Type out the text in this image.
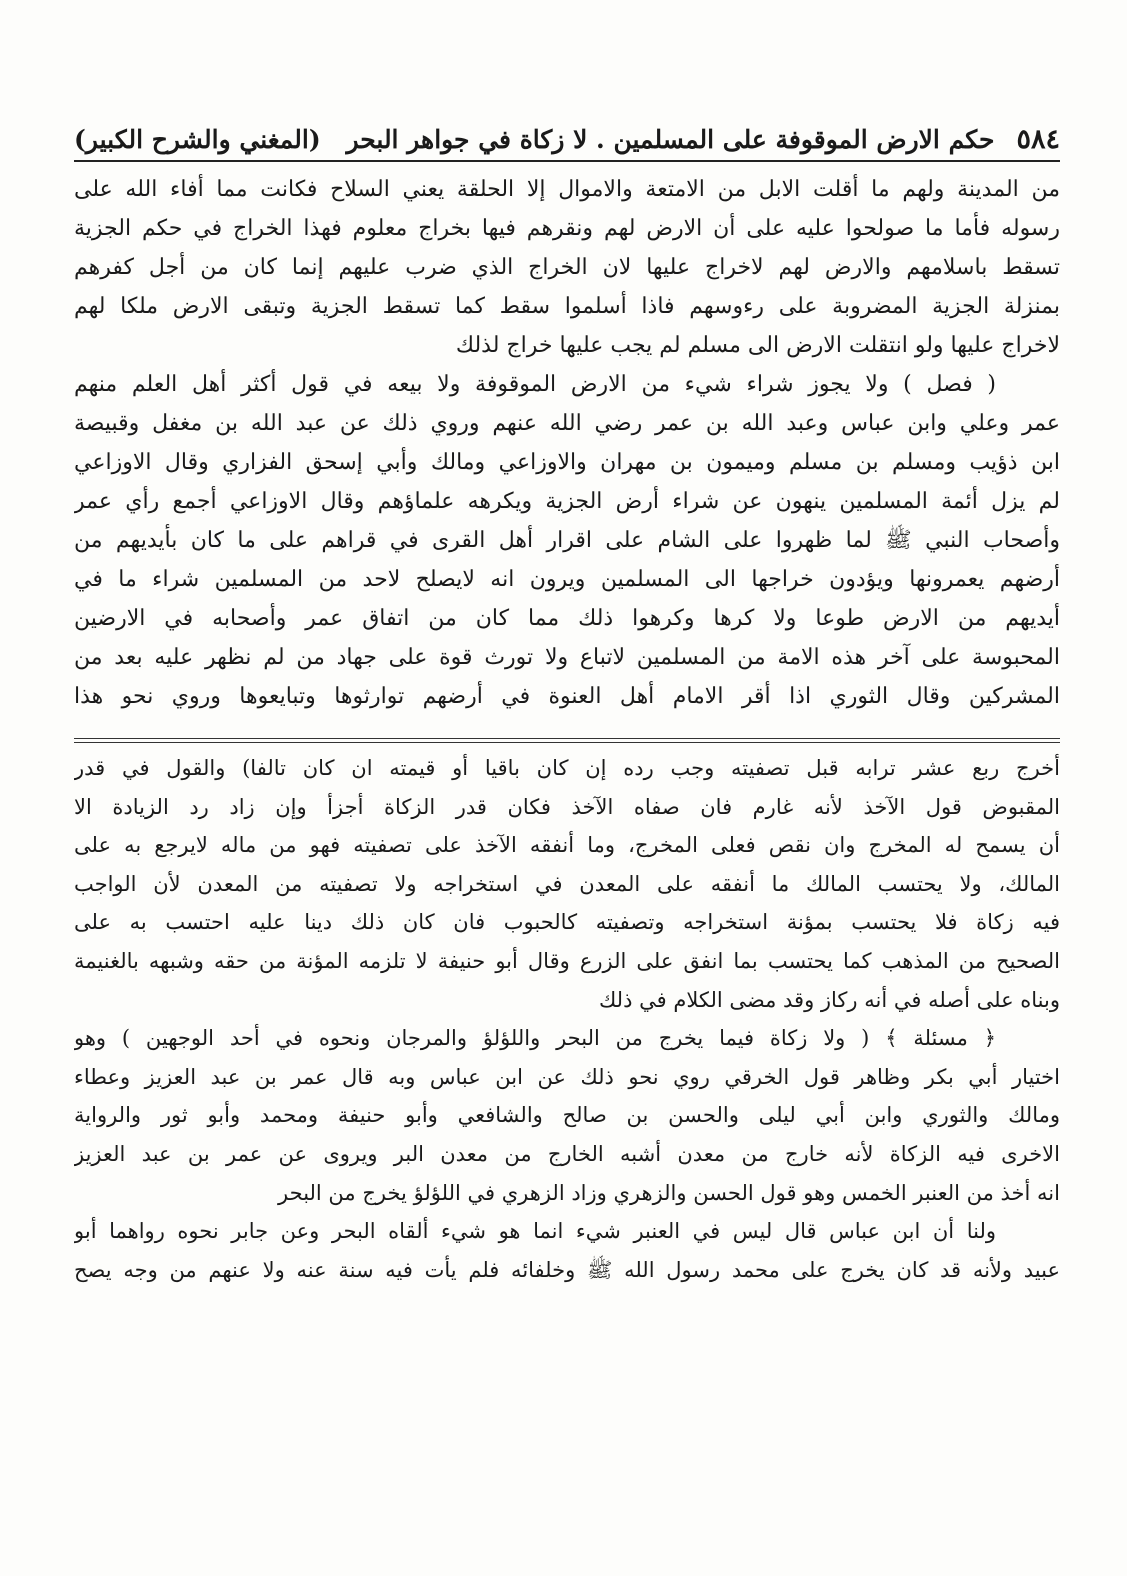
٥٨٤
حكم الارض الموقوفة على المسلمين . لا زكاة في جواهر البحر
(المغني والشرح الكبير)
من المدينة ولهم ما أقلت الابل من الامتعة والاموال إلا الحلقة يعني السلاح فكانت مما أفاء الله على
رسوله فأما ما صولحوا عليه على أن الارض لهم ونقرهم فيها بخراج معلوم فهذا الخراج في حكم الجزية
تسقط باسلامهم والارض لهم لاخراج عليها لان الخراج الذي ضرب عليهم إنما كان من أجل كفرهم
بمنزلة الجزية المضروبة على رءوسهم فاذا أسلموا سقط كما تسقط الجزية وتبقى الارض ملكا لهم
لاخراج عليها ولو انتقلت الارض الى مسلم لم يجب عليها خراج لذلك
( فصل ) ولا يجوز شراء شيء من الارض الموقوفة ولا بيعه في قول أكثر أهل العلم منهم
عمر وعلي وابن عباس وعبد الله بن عمر رضي الله عنهم وروي ذلك عن عبد الله بن مغفل وقبيصة
ابن ذؤيب ومسلم بن مسلم وميمون بن مهران والاوزاعي ومالك وأبي إسحق الفزاري وقال الاوزاعي
لم يزل أئمة المسلمين ينهون عن شراء أرض الجزية ويكرهه علماؤهم وقال الاوزاعي أجمع رأي عمر
وأصحاب النبي ﷺ لما ظهروا على الشام على اقرار أهل القرى في قراهم على ما كان بأيديهم من
أرضهم يعمرونها ويؤدون خراجها الى المسلمين ويرون انه لايصلح لاحد من المسلمين شراء ما في
أيديهم من الارض طوعا ولا كرها وكرهوا ذلك مما كان من اتفاق عمر وأصحابه في الارضين
المحبوسة على آخر هذه الامة من المسلمين لاتباع ولا تورث قوة على جهاد من لم نظهر عليه بعد من
المشركين وقال الثوري اذا أقر الامام أهل العنوة في أرضهم توارثوها وتبايعوها وروي نحو هذا
أخرج ربع عشر ترابه قبل تصفيته وجب رده إن كان باقيا أو قيمته ان كان تالفا) والقول في قدر
المقبوض قول الآخذ لأنه غارم فان صفاه الآخذ فكان قدر الزكاة أجزأ وإن زاد رد الزيادة الا
أن يسمح له المخرج وان نقص فعلى المخرج، وما أنفقه الآخذ على تصفيته فهو من ماله لايرجع به على
المالك، ولا يحتسب المالك ما أنفقه على المعدن في استخراجه ولا تصفيته من المعدن لأن الواجب
فيه زكاة فلا يحتسب بمؤنة استخراجه وتصفيته كالحبوب فان كان ذلك دينا عليه احتسب به على
الصحيح من المذهب كما يحتسب بما انفق على الزرع وقال أبو حنيفة لا تلزمه المؤنة من حقه وشبهه بالغنيمة
وبناه على أصله في أنه ركاز وقد مضى الكلام في ذلك
﴿ مسئلة ﴾ ( ولا زكاة فيما يخرج من البحر واللؤلؤ والمرجان ونحوه في أحد الوجهين ) وهو
اختيار أبي بكر وظاهر قول الخرقي روي نحو ذلك عن ابن عباس وبه قال عمر بن عبد العزيز وعطاء
ومالك والثوري وابن أبي ليلى والحسن بن صالح والشافعي وأبو حنيفة ومحمد وأبو ثور والرواية
الاخرى فيه الزكاة لأنه خارج من معدن أشبه الخارج من معدن البر ويروى عن عمر بن عبد العزيز
انه أخذ من العنبر الخمس وهو قول الحسن والزهري وزاد الزهري في اللؤلؤ يخرج من البحر
ولنا أن ابن عباس قال ليس في العنبر شيء انما هو شيء ألقاه البحر وعن جابر نحوه رواهما أبو
عبيد ولأنه قد كان يخرج على محمد رسول الله ﷺ وخلفائه فلم يأت فيه سنة عنه ولا عنهم من وجه يصح
